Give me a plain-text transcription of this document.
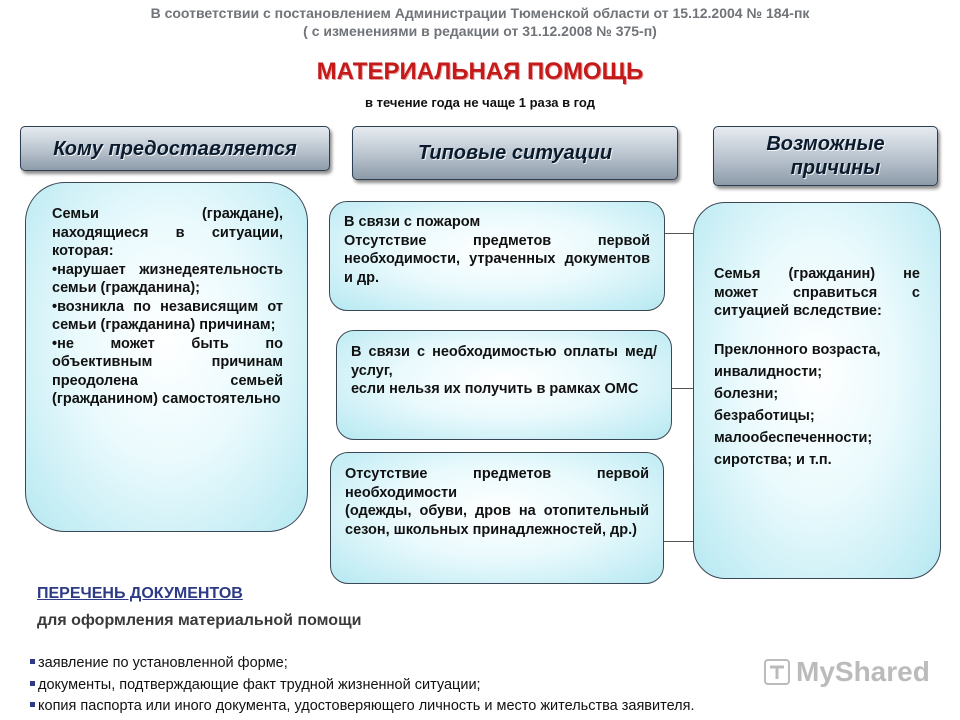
В соответствии с постановлением Администрации Тюменской области от 15.12.2004 № 184-пк
( с изменениями в редакции от 31.12.2008 № 375-п)
МАТЕРИАЛЬНАЯ ПОМОЩЬ
в течение года не чаще 1 раза в год
Кому предоставляется	Типовые ситуации	Возможные
причины
Семьи (граждане), находящиеся в ситуации, которая:
•нарушает жизнедеятельность семьи (гражданина);
•возникла по независящим от семьи (гражданина) причинам;
•не может быть по объективным причинам преодолена семьей (гражданином) самостоятельно
В связи с пожаром
Отсутствие предметов первой необходимости, утраченных документов и др.
В связи с необходимостью оплаты мед/услуг,
если нельзя их получить в рамках ОМС
Отсутствие предметов первой необходимости
(одежды, обуви, дров на отопительный сезон, школьных принадлежностей, др.)
Семья (гражданин) не может справиться с ситуацией вследствие:
Преклонного возраста,
инвалидности;
болезни;
безработицы;
малообеспеченности;
сиротства; и т.п.
ПЕРЕЧЕНЬ ДОКУМЕНТОВ
для оформления материальной помощи
заявление по установленной форме;
документы, подтверждающие факт трудной жизненной ситуации;
копия паспорта или иного документа, удостоверяющего личность и место жительства заявителя.
MyShared
